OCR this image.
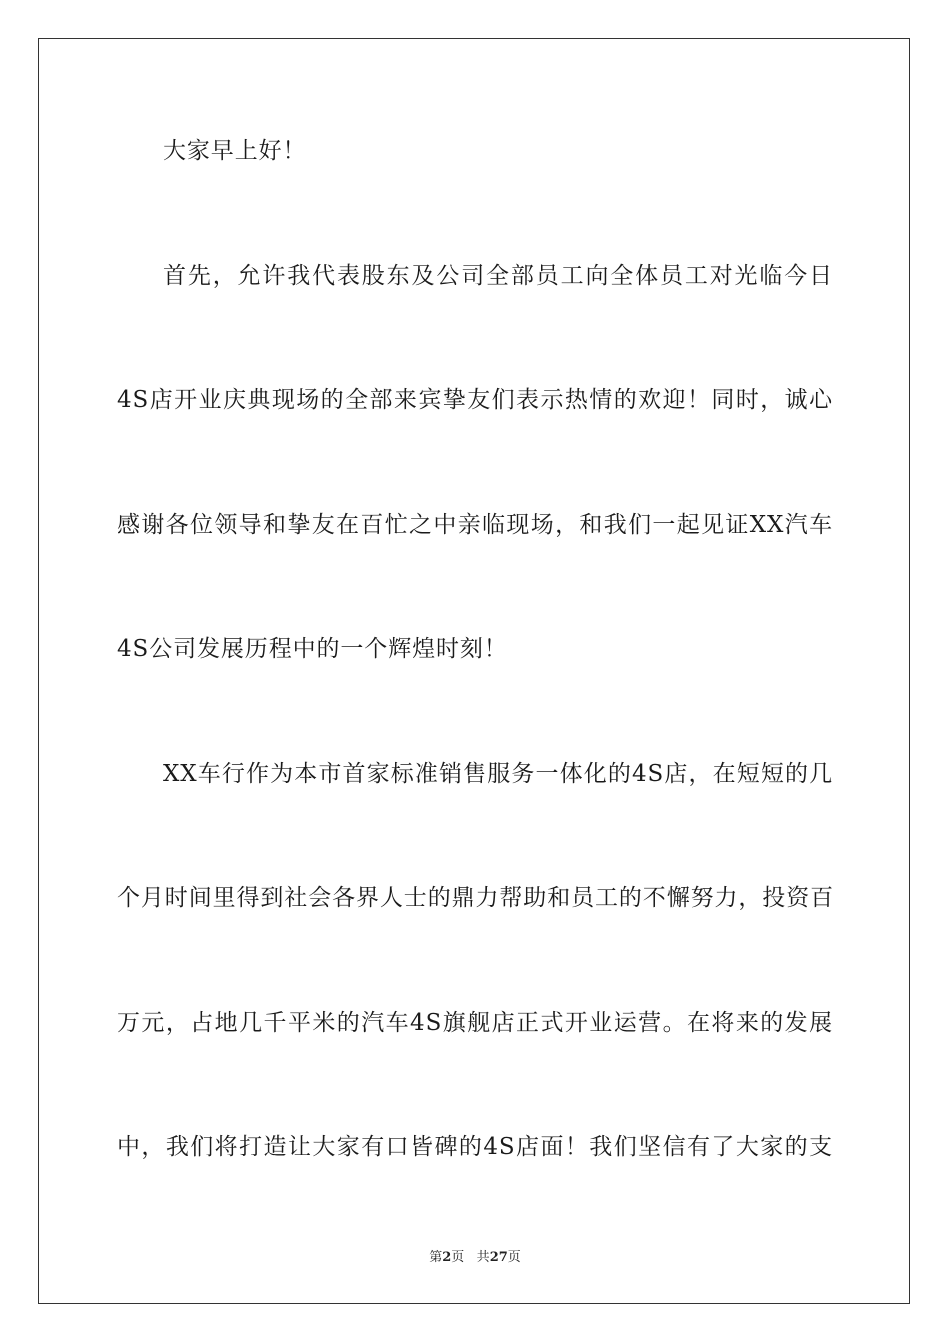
大家早上好！
首先，允许我代表股东及公司全部员工向全体员工对光临今日
4S店开业庆典现场的全部来宾挚友们表示热情的欢迎！同时，诚心
感谢各位领导和挚友在百忙之中亲临现场，和我们一起见证XX汽车
4S公司发展历程中的一个辉煌时刻！
XX车行作为本市首家标准销售服务一体化的4S店，在短短的几
个月时间里得到社会各界人士的鼎力帮助和员工的不懈努力，投资百
万元，占地几千平米的汽车4S旗舰店正式开业运营。在将来的发展
中，我们将打造让大家有口皆碑的4S店面！我们坚信有了大家的支
第2页 共27页
